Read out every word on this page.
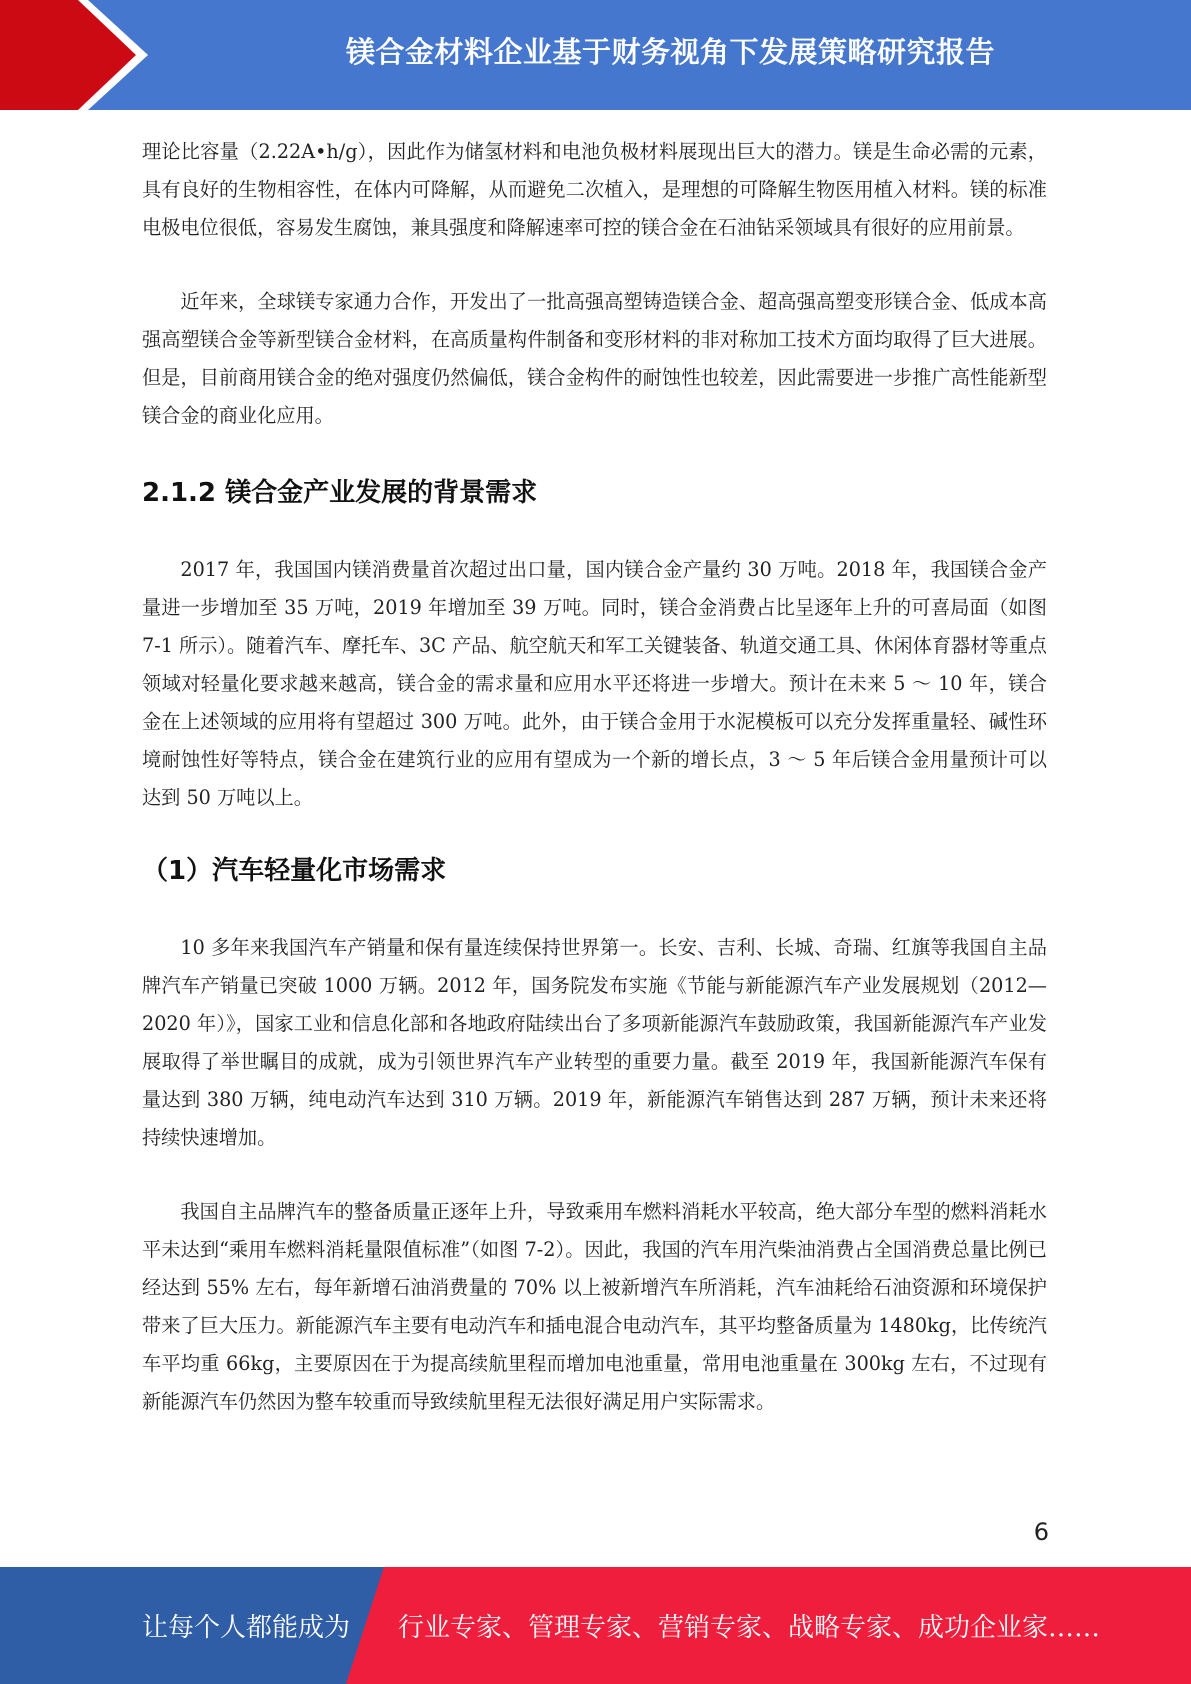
镁合金材料企业基于财务视角下发展策略研究报告

理论比容量（2.22A•h/g），因此作为储氢材料和电池负极材料展现出巨大的潜力。镁是生命必需的元素，具有良好的生物相容性，在体内可降解，从而避免二次植入，是理想的可降解生物医用植入材料。镁的标准电极电位很低，容易发生腐蚀，兼具强度和降解速率可控的镁合金在石油钻采领域具有很好的应用前景。

近年来，全球镁专家通力合作，开发出了一批高强高塑铸造镁合金、超高强高塑变形镁合金、低成本高强高塑镁合金等新型镁合金材料，在高质量构件制备和变形材料的非对称加工技术方面均取得了巨大进展。但是，目前商用镁合金的绝对强度仍然偏低，镁合金构件的耐蚀性也较差，因此需要进一步推广高性能新型镁合金的商业化应用。

2.1.2 镁合金产业发展的背景需求

2017 年，我国国内镁消费量首次超过出口量，国内镁合金产量约 30 万吨。2018 年，我国镁合金产量进一步增加至 35 万吨，2019 年增加至 39 万吨。同时，镁合金消费占比呈逐年上升的可喜局面（如图 7-1 所示）。随着汽车、摩托车、3C 产品、航空航天和军工关键装备、轨道交通工具、休闲体育器材等重点领域对轻量化要求越来越高，镁合金的需求量和应用水平还将进一步增大。预计在未来 5 ～ 10 年，镁合金在上述领域的应用将有望超过 300 万吨。此外，由于镁合金用于水泥模板可以充分发挥重量轻、碱性环境耐蚀性好等特点，镁合金在建筑行业的应用有望成为一个新的增长点，3 ～ 5 年后镁合金用量预计可以达到 50 万吨以上。

（1）汽车轻量化市场需求

10 多年来我国汽车产销量和保有量连续保持世界第一。长安、吉利、长城、奇瑞、红旗等我国自主品牌汽车产销量已突破 1000 万辆。2012 年，国务院发布实施《节能与新能源汽车产业发展规划（2012—2020 年）》，国家工业和信息化部和各地政府陆续出台了多项新能源汽车鼓励政策，我国新能源汽车产业发展取得了举世瞩目的成就，成为引领世界汽车产业转型的重要力量。截至 2019 年，我国新能源汽车保有量达到 380 万辆，纯电动汽车达到 310 万辆。2019 年，新能源汽车销售达到 287 万辆，预计未来还将持续快速增加。

我国自主品牌汽车的整备质量正逐年上升，导致乘用车燃料消耗水平较高，绝大部分车型的燃料消耗水平未达到“乘用车燃料消耗量限值标准”（如图 7-2）。因此，我国的汽车用汽柴油消费占全国消费总量比例已经达到 55% 左右，每年新增石油消费量的 70% 以上被新增汽车所消耗，汽车油耗给石油资源和环境保护带来了巨大压力。新能源汽车主要有电动汽车和插电混合电动汽车，其平均整备质量为 1480kg，比传统汽车平均重 66kg，主要原因在于为提高续航里程而增加电池重量，常用电池重量在 300kg 左右，不过现有新能源汽车仍然因为整车较重而导致续航里程无法很好满足用户实际需求。

6
让每个人都能成为 行业专家、管理专家、营销专家、战略专家、成功企业家……
